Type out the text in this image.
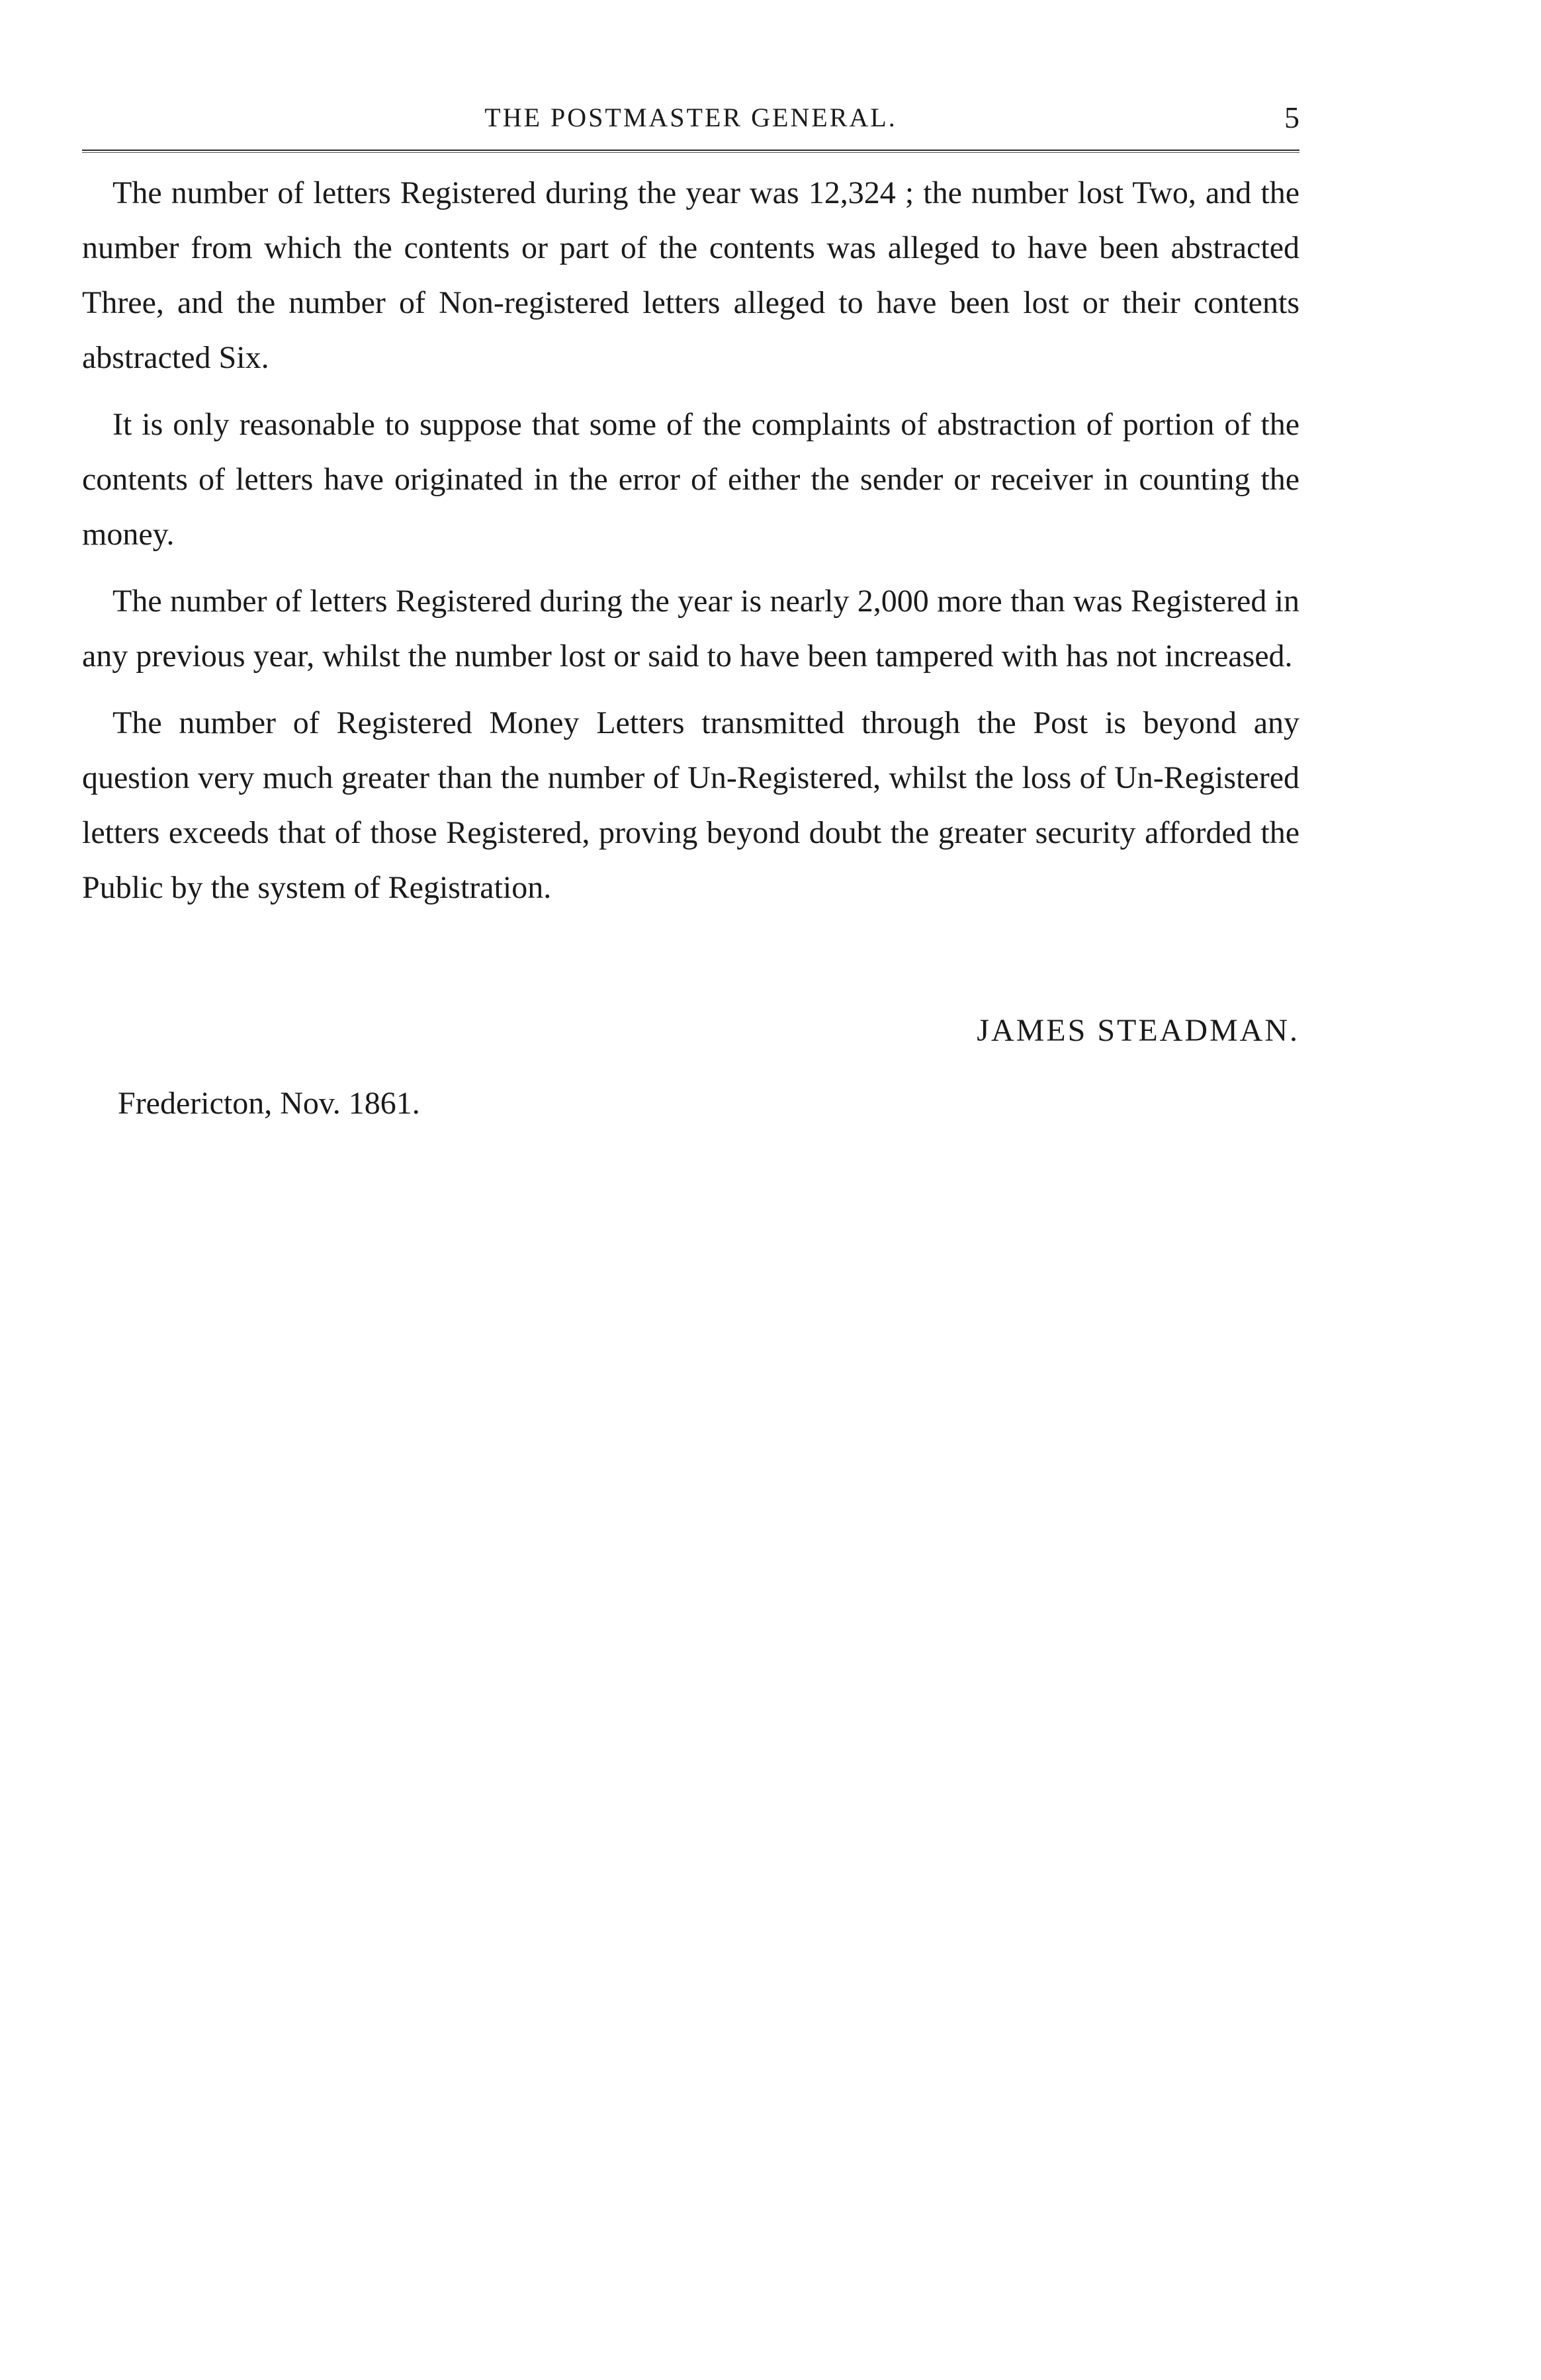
THE POSTMASTER GENERAL.	5

The number of letters Registered during the year was 12,324 ; the number lost Two, and the number from which the contents or part of the contents was alleged to have been abstracted Three, and the number of Non-registered letters alleged to have been lost or their contents abstracted Six.

It is only reasonable to suppose that some of the complaints of abstraction of portion of the contents of letters have originated in the error of either the sender or receiver in counting the money.

The number of letters Registered during the year is nearly 2,000 more than was Registered in any previous year, whilst the number lost or said to have been tampered with has not increased.

The number of Registered Money Letters transmitted through the Post is beyond any question very much greater than the number of Un-Registered, whilst the loss of Un-Registered letters exceeds that of those Registered, proving beyond doubt the greater security afforded the Public by the system of Registration.

JAMES STEADMAN.
Fredericton, Nov. 1861.
